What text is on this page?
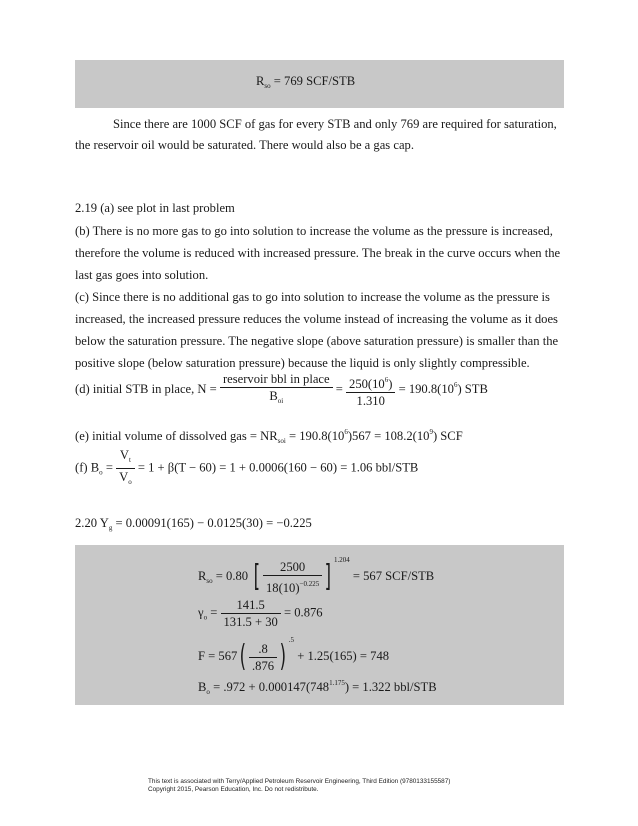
$R_{so} = 769$ SCF/STB
Since there are 1000 SCF of gas for every STB and only 769 are required for saturation,
the reservoir oil would be saturated. There would also be a gas cap.
2.19 (a) see plot in last problem
(b) There is no more gas to go into solution to increase the volume as the pressure is increased,
therefore the volume is reduced with increased pressure. The break in the curve occurs when the
last gas goes into solution.
(c) Since there is no additional gas to go into solution to increase the volume as the pressure is
increased, the increased pressure reduces the volume instead of increasing the volume as it does
below the saturation pressure. The negative slope (above saturation pressure) is smaller than the
positive slope (below saturation pressure) because the liquid is only slightly compressible.
(d) initial STB in place, $N = \frac{\text{reservoir bbl in place}}{B_{oi}} = \frac{250(10^6)}{1.310} = 190.8(10^6)$ STB
(e) initial volume of dissolved gas = $NR_{soi} = 190.8(10^6)567 = 108.2(10^9)$ SCF
(f) $B_o = \frac{V_t}{V_o} = 1 + \beta(T - 60) = 1 + 0.0006(160 - 60) = 1.06$ bbl/STB
2.20 $Y_g = 0.00091(165) - 0.0125(30) = -0.225$
$R_{so} = 0.80$ [ $\frac{2500}{18(10)^{-0.225}}$ ] $^{1.204}$ = 567 SCF/STB
$\gamma_o = \frac{141.5}{131.5 + 30} = 0.876$
$F = 567( \frac{.8}{.876}$ ) $^{.5}$ + 1.25(165) = 748
$B_o = .972 + 0.000147(748^{1.175}) = 1.322$ bbl/STB
This text is associated with Terry/Applied Petroleum Reservoir Engineering, Third Edition (9780133155587)
Copyright 2015, Pearson Education, Inc. Do not redistribute.
